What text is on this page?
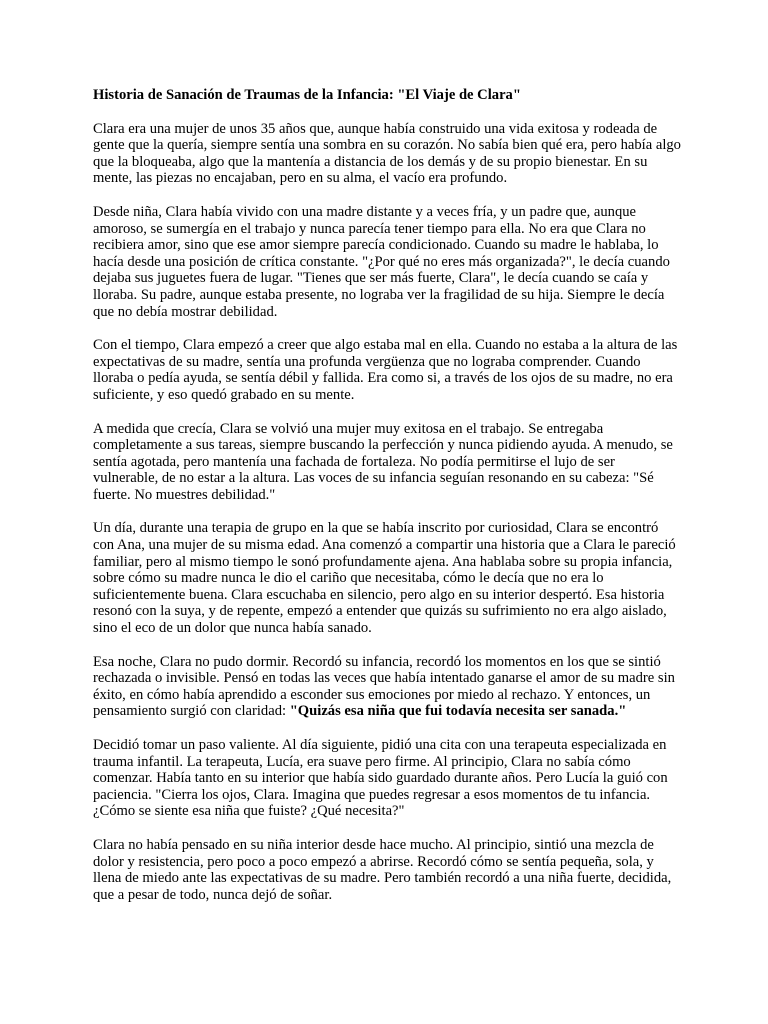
Historia de Sanación de Traumas de la Infancia: "El Viaje de Clara"

Clara era una mujer de unos 35 años que, aunque había construido una vida exitosa y rodeada de gente que la quería, siempre sentía una sombra en su corazón. No sabía bien qué era, pero había algo que la bloqueaba, algo que la mantenía a distancia de los demás y de su propio bienestar. En su mente, las piezas no encajaban, pero en su alma, el vacío era profundo.

Desde niña, Clara había vivido con una madre distante y a veces fría, y un padre que, aunque amoroso, se sumergía en el trabajo y nunca parecía tener tiempo para ella. No era que Clara no recibiera amor, sino que ese amor siempre parecía condicionado. Cuando su madre le hablaba, lo hacía desde una posición de crítica constante. "¿Por qué no eres más organizada?", le decía cuando dejaba sus juguetes fuera de lugar. "Tienes que ser más fuerte, Clara", le decía cuando se caía y lloraba. Su padre, aunque estaba presente, no lograba ver la fragilidad de su hija. Siempre le decía que no debía mostrar debilidad.

Con el tiempo, Clara empezó a creer que algo estaba mal en ella. Cuando no estaba a la altura de las expectativas de su madre, sentía una profunda vergüenza que no lograba comprender. Cuando lloraba o pedía ayuda, se sentía débil y fallida. Era como si, a través de los ojos de su madre, no era suficiente, y eso quedó grabado en su mente.

A medida que crecía, Clara se volvió una mujer muy exitosa en el trabajo. Se entregaba completamente a sus tareas, siempre buscando la perfección y nunca pidiendo ayuda. A menudo, se sentía agotada, pero mantenía una fachada de fortaleza. No podía permitirse el lujo de ser vulnerable, de no estar a la altura. Las voces de su infancia seguían resonando en su cabeza: "Sé fuerte. No muestres debilidad."

Un día, durante una terapia de grupo en la que se había inscrito por curiosidad, Clara se encontró con Ana, una mujer de su misma edad. Ana comenzó a compartir una historia que a Clara le pareció familiar, pero al mismo tiempo le sonó profundamente ajena. Ana hablaba sobre su propia infancia, sobre cómo su madre nunca le dio el cariño que necesitaba, cómo le decía que no era lo suficientemente buena. Clara escuchaba en silencio, pero algo en su interior despertó. Esa historia resonó con la suya, y de repente, empezó a entender que quizás su sufrimiento no era algo aislado, sino el eco de un dolor que nunca había sanado.

Esa noche, Clara no pudo dormir. Recordó su infancia, recordó los momentos en los que se sintió rechazada o invisible. Pensó en todas las veces que había intentado ganarse el amor de su madre sin éxito, en cómo había aprendido a esconder sus emociones por miedo al rechazo. Y entonces, un pensamiento surgió con claridad: "Quizás esa niña que fui todavía necesita ser sanada."

Decidió tomar un paso valiente. Al día siguiente, pidió una cita con una terapeuta especializada en trauma infantil. La terapeuta, Lucía, era suave pero firme. Al principio, Clara no sabía cómo comenzar. Había tanto en su interior que había sido guardado durante años. Pero Lucía la guió con paciencia. "Cierra los ojos, Clara. Imagina que puedes regresar a esos momentos de tu infancia. ¿Cómo se siente esa niña que fuiste? ¿Qué necesita?"

Clara no había pensado en su niña interior desde hace mucho. Al principio, sintió una mezcla de dolor y resistencia, pero poco a poco empezó a abrirse. Recordó cómo se sentía pequeña, sola, y llena de miedo ante las expectativas de su madre. Pero también recordó a una niña fuerte, decidida, que a pesar de todo, nunca dejó de soñar.
